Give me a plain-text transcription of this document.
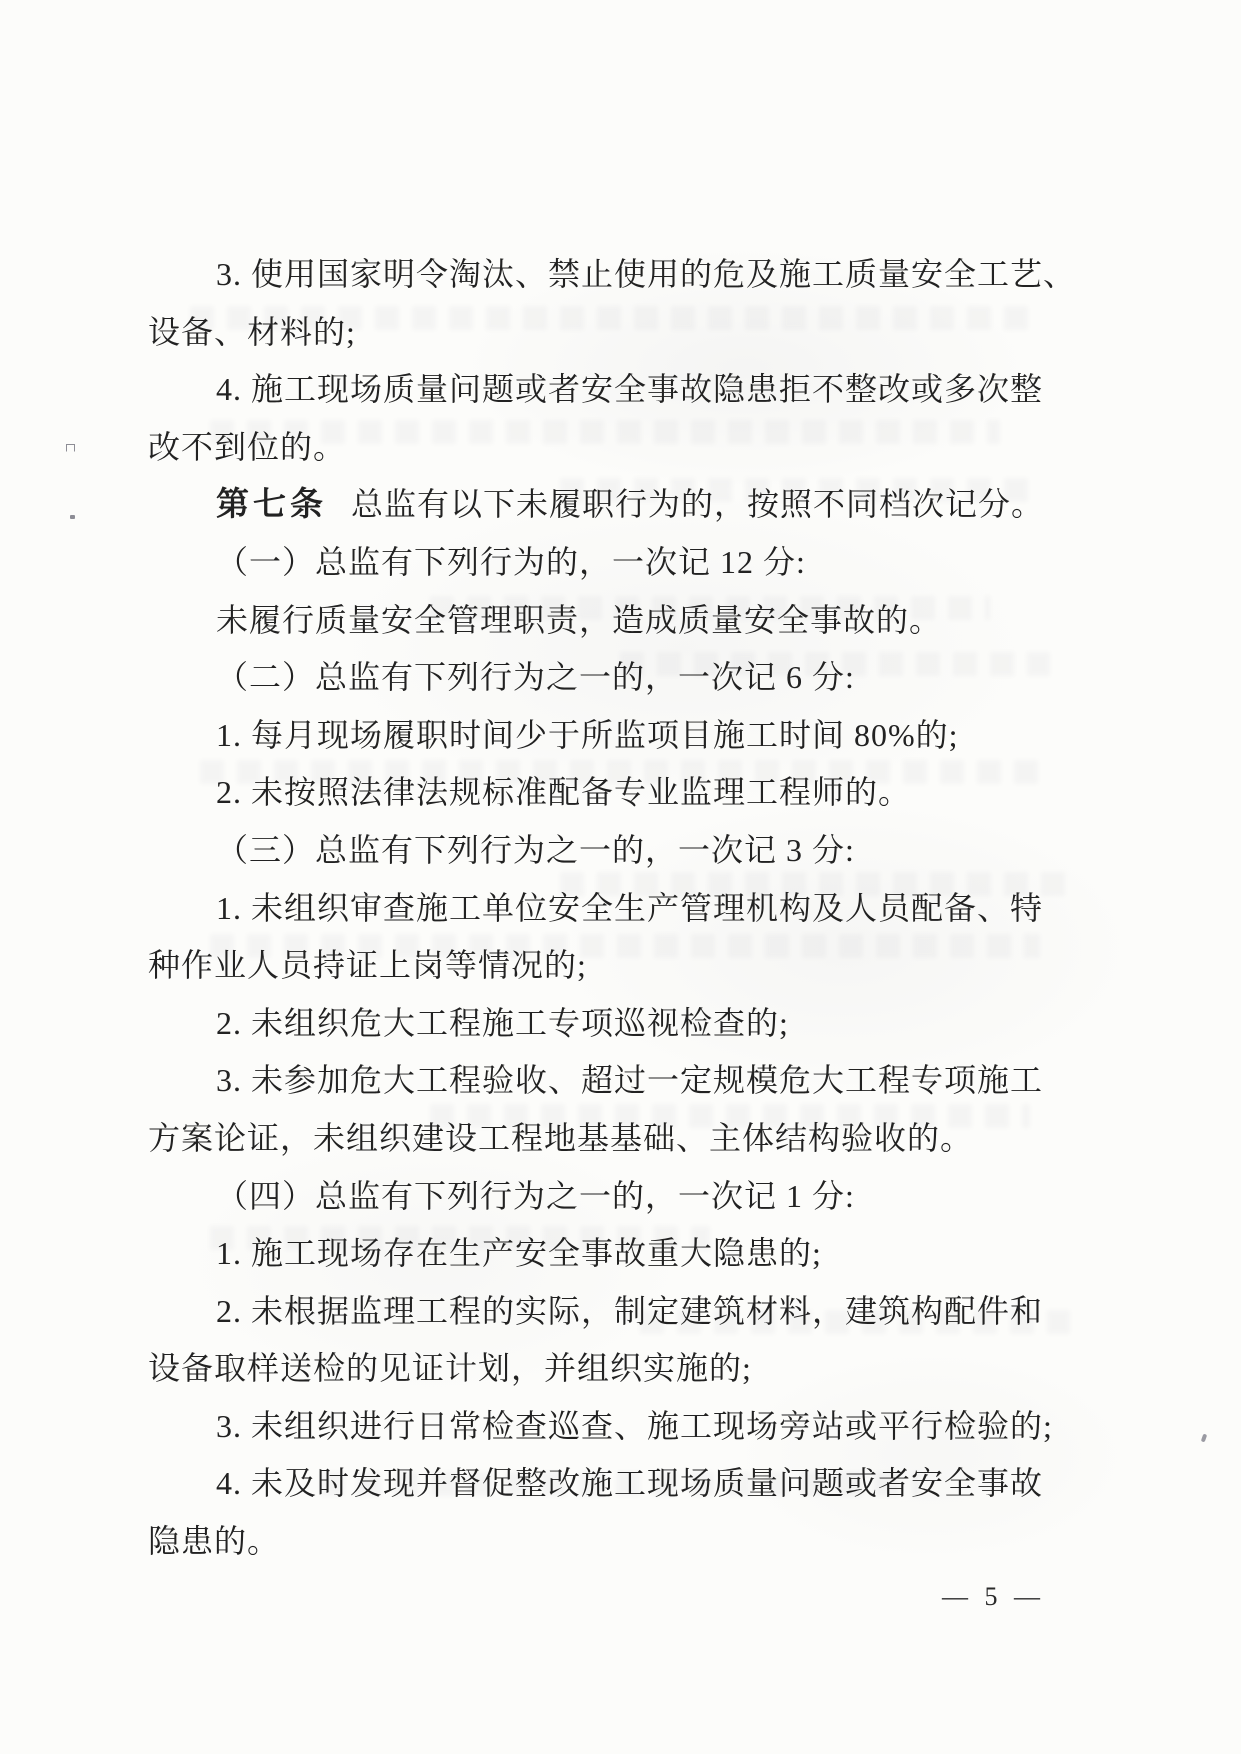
3. 使用国家明令淘汰、禁止使用的危及施工质量安全工艺、
设备、材料的;
4. 施工现场质量问题或者安全事故隐患拒不整改或多次整
改不到位的。
第七条 总监有以下未履职行为的，按照不同档次记分。
（一）总监有下列行为的，一次记 12 分:
未履行质量安全管理职责，造成质量安全事故的。
（二）总监有下列行为之一的，一次记 6 分:
1. 每月现场履职时间少于所监项目施工时间 80%的;
2. 未按照法律法规标准配备专业监理工程师的。
（三）总监有下列行为之一的，一次记 3 分:
1. 未组织审查施工单位安全生产管理机构及人员配备、特
种作业人员持证上岗等情况的;
2. 未组织危大工程施工专项巡视检查的;
3. 未参加危大工程验收、超过一定规模危大工程专项施工
方案论证，未组织建设工程地基基础、主体结构验收的。
（四）总监有下列行为之一的，一次记 1 分:
1. 施工现场存在生产安全事故重大隐患的;
2. 未根据监理工程的实际，制定建筑材料，建筑构配件和
设备取样送检的见证计划，并组织实施的;
3. 未组织进行日常检查巡查、施工现场旁站或平行检验的;
4. 未及时发现并督促整改施工现场质量问题或者安全事故
隐患的。
— 5 —
